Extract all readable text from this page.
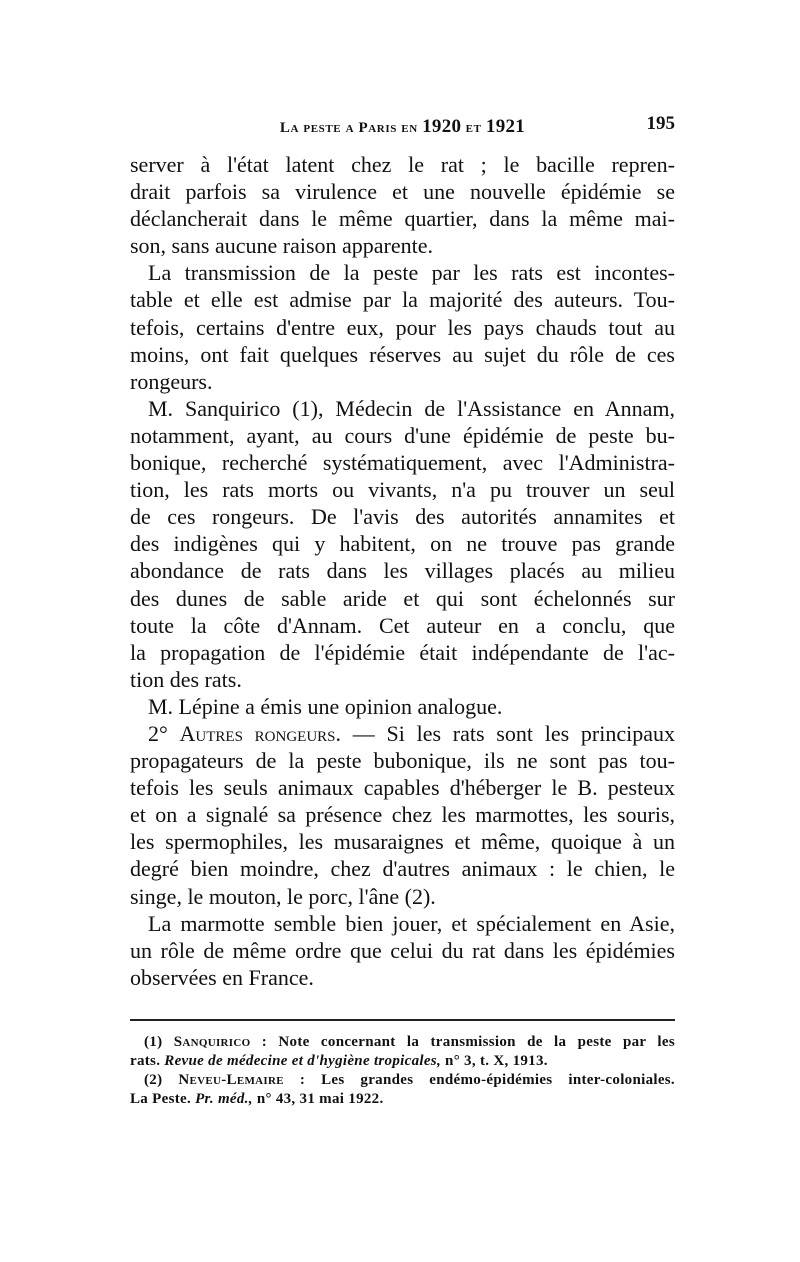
La peste a Paris en 1920 et 1921	195
server à l'état latent chez le rat ; le bacille repren-
drait parfois sa virulence et une nouvelle épidémie se
déclancherait dans le même quartier, dans la même mai-
son, sans aucune raison apparente.
La transmission de la peste par les rats est incontes-
table et elle est admise par la majorité des auteurs. Tou-
tefois, certains d'entre eux, pour les pays chauds tout au
moins, ont fait quelques réserves au sujet du rôle de ces
rongeurs.
M. Sanquirico (1), Médecin de l'Assistance en Annam,
notamment, ayant, au cours d'une épidémie de peste bu-
bonique, recherché systématiquement, avec l'Administra-
tion, les rats morts ou vivants, n'a pu trouver un seul
de ces rongeurs. De l'avis des autorités annamites et
des indigènes qui y habitent, on ne trouve pas grande
abondance de rats dans les villages placés au milieu
des dunes de sable aride et qui sont échelonnés sur
toute la côte d'Annam. Cet auteur en a conclu, que
la propagation de l'épidémie était indépendante de l'ac-
tion des rats.
M. Lépine a émis une opinion analogue.
2° Autres rongeurs. — Si les rats sont les principaux
propagateurs de la peste bubonique, ils ne sont pas tou-
tefois les seuls animaux capables d'héberger le B. pesteux
et on a signalé sa présence chez les marmottes, les souris,
les spermophiles, les musaraignes et même, quoique à un
degré bien moindre, chez d'autres animaux : le chien, le
singe, le mouton, le porc, l'âne (2).
La marmotte semble bien jouer, et spécialement en Asie,
un rôle de même ordre que celui du rat dans les épidémies
observées en France.
(1) Sanquirico : Note concernant la transmission de la peste par les
rats. Revue de médecine et d'hygiène tropicales, n° 3, t. X, 1913.
(2) Neveu-Lemaire : Les grandes endémo-épidémies inter-coloniales.
La Peste. Pr. méd., n° 43, 31 mai 1922.
